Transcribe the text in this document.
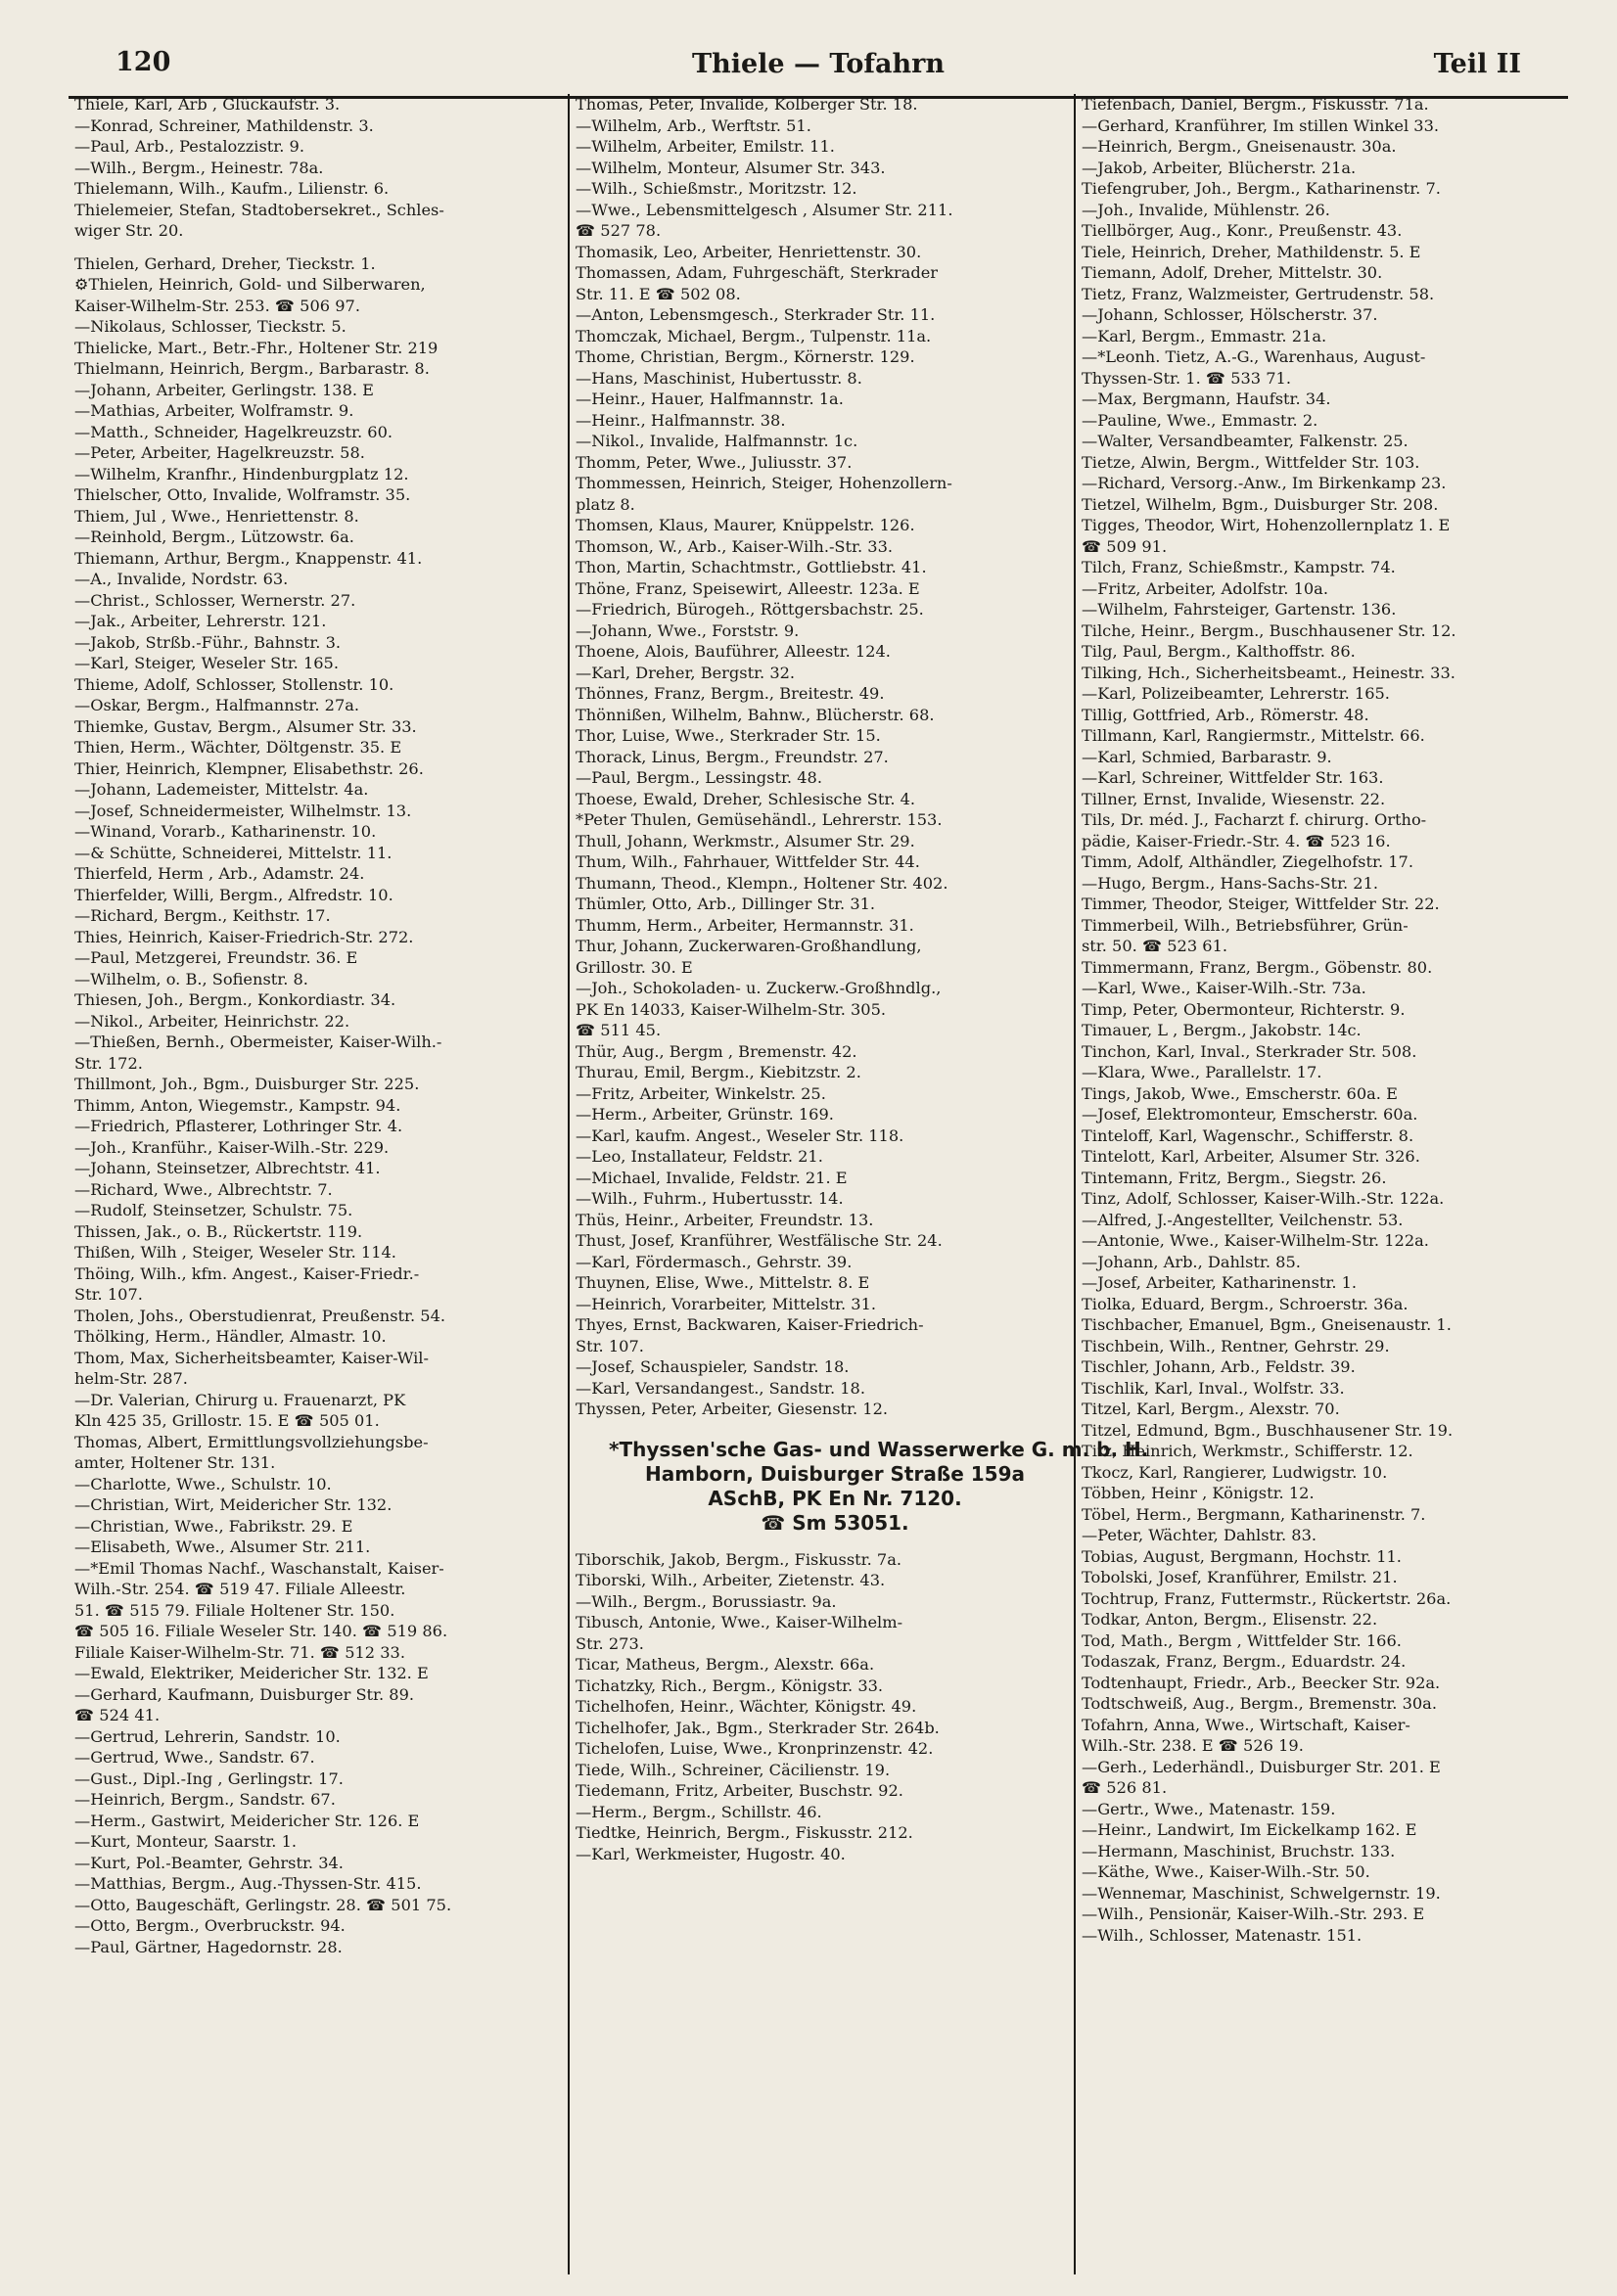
120	Thiele — Tofahrn	Teil II
Thiele, Karl, Arb , Glückaufstr. 3.
—Konrad, Schreiner, Mathildenstr. 3.
—Paul, Arb., Pestalozzistr. 9.
—Wilh., Bergm., Heinestr. 78a.
Thielemann, Wilh., Kaufm., Lilienstr. 6.
Thielemeier, Stefan, Stadtobersekret., Schles-
wiger Str. 20.
Thielen, Gerhard, Dreher, Tieckstr. 1.
⚙Thielen, Heinrich, Gold- und Silberwaren,
Kaiser-Wilhelm-Str. 253. ☎ 506 97.
—Nikolaus, Schlosser, Tieckstr. 5.
Thielicke, Mart., Betr.-Fhr., Holtener Str. 219
Thielmann, Heinrich, Bergm., Barbarastr. 8.
—Johann, Arbeiter, Gerlingstr. 138. E
—Mathias, Arbeiter, Wolframstr. 9.
—Matth., Schneider, Hagelkreuzstr. 60.
—Peter, Arbeiter, Hagelkreuzstr. 58.
—Wilhelm, Kranfhr., Hindenburgplatz 12.
Thielscher, Otto, Invalide, Wolframstr. 35.
Thiem, Jul , Wwe., Henriettenstr. 8.
—Reinhold, Bergm., Lützowstr. 6a.
Thiemann, Arthur, Bergm., Knappenstr. 41.
—A., Invalide, Nordstr. 63.
—Christ., Schlosser, Wernerstr. 27.
—Jak., Arbeiter, Lehrerstr. 121.
—Jakob, Strßb.-Führ., Bahnstr. 3.
—Karl, Steiger, Weseler Str. 165.
Thieme, Adolf, Schlosser, Stollenstr. 10.
—Oskar, Bergm., Halfmannstr. 27a.
Thiemke, Gustav, Bergm., Alsumer Str. 33.
Thien, Herm., Wächter, Döltgenstr. 35. E
Thier, Heinrich, Klempner, Elisabethstr. 26.
—Johann, Lademeister, Mittelstr. 4a.
—Josef, Schneidermeister, Wilhelmstr. 13.
—Winand, Vorarb., Katharinenstr. 10.
—& Schütte, Schneiderei, Mittelstr. 11.
Thierfeld, Herm , Arb., Adamstr. 24.
Thierfelder, Willi, Bergm., Alfredstr. 10.
—Richard, Bergm., Keithstr. 17.
Thies, Heinrich, Kaiser-Friedrich-Str. 272.
—Paul, Metzgerei, Freundstr. 36. E
—Wilhelm, o. B., Sofienstr. 8.
Thiesen, Joh., Bergm., Konkordiastr. 34.
—Nikol., Arbeiter, Heinrichstr. 22.
—Thießen, Bernh., Obermeister, Kaiser-Wilh.-
Str. 172.
Thillmont, Joh., Bgm., Duisburger Str. 225.
Thimm, Anton, Wiegemstr., Kampstr. 94.
—Friedrich, Pflasterer, Lothringer Str. 4.
—Joh., Kranführ., Kaiser-Wilh.-Str. 229.
—Johann, Steinsetzer, Albrechtstr. 41.
—Richard, Wwe., Albrechtstr. 7.
—Rudolf, Steinsetzer, Schulstr. 75.
Thissen, Jak., o. B., Rückertstr. 119.
Thißen, Wilh , Steiger, Weseler Str. 114.
Thöing, Wilh., kfm. Angest., Kaiser-Friedr.-
Str. 107.
Tholen, Johs., Oberstudienrat, Preußenstr. 54.
Thölking, Herm., Händler, Almastr. 10.
Thom, Max, Sicherheitsbeamter, Kaiser-Wil-
helm-Str. 287.
—Dr. Valerian, Chirurg u. Frauenarzt, PK
Kln 425 35, Grillostr. 15. E ☎ 505 01.
Thomas, Albert, Ermittlungsvollziehungsbe-
amter, Holtener Str. 131.
—Charlotte, Wwe., Schulstr. 10.
—Christian, Wirt, Meidericher Str. 132.
—Christian, Wwe., Fabrikstr. 29. E
—Elisabeth, Wwe., Alsumer Str. 211.
—*Emil Thomas Nachf., Waschanstalt, Kaiser-
Wilh.-Str. 254. ☎ 519 47. Filiale Alleestr.
51. ☎ 515 79. Filiale Holtener Str. 150.
☎ 505 16. Filiale Weseler Str. 140. ☎ 519 86.
Filiale Kaiser-Wilhelm-Str. 71. ☎ 512 33.
—Ewald, Elektriker, Meidericher Str. 132. E
—Gerhard, Kaufmann, Duisburger Str. 89.
☎ 524 41.
—Gertrud, Lehrerin, Sandstr. 10.
—Gertrud, Wwe., Sandstr. 67.
—Gust., Dipl.-Ing , Gerlingstr. 17.
—Heinrich, Bergm., Sandstr. 67.
—Herm., Gastwirt, Meidericher Str. 126. E
—Kurt, Monteur, Saarstr. 1.
—Kurt, Pol.-Beamter, Gehrstr. 34.
—Matthias, Bergm., Aug.-Thyssen-Str. 415.
—Otto, Baugeschäft, Gerlingstr. 28. ☎ 501 75.
—Otto, Bergm., Overbruckstr. 94.
—Paul, Gärtner, Hagedornstr. 28.
Thomas, Peter, Invalide, Kolberger Str. 18.
—Wilhelm, Arb., Werftstr. 51.
—Wilhelm, Arbeiter, Emilstr. 11.
—Wilhelm, Monteur, Alsumer Str. 343.
—Wilh., Schießmstr., Moritzstr. 12.
—Wwe., Lebensmittelgesch , Alsumer Str. 211.
☎ 527 78.
Thomasik, Leo, Arbeiter, Henriettenstr. 30.
Thomassen, Adam, Fuhrgeschäft, Sterkrader
Str. 11. E ☎ 502 08.
—Anton, Lebensmgesch., Sterkrader Str. 11.
Thomczak, Michael, Bergm., Tulpenstr. 11a.
Thome, Christian, Bergm., Körnerstr. 129.
—Hans, Maschinist, Hubertusstr. 8.
—Heinr., Hauer, Halfmannstr. 1a.
—Heinr., Halfmannstr. 38.
—Nikol., Invalide, Halfmannstr. 1c.
Thomm, Peter, Wwe., Juliusstr. 37.
Thommessen, Heinrich, Steiger, Hohenzollern-
platz 8.
Thomsen, Klaus, Maurer, Knüppelstr. 126.
Thomson, W., Arb., Kaiser-Wilh.-Str. 33.
Thon, Martin, Schachtmstr., Gottliebstr. 41.
Thöne, Franz, Speisewirt, Alleestr. 123a. E
—Friedrich, Bürogeh., Röttgersbachstr. 25.
—Johann, Wwe., Forststr. 9.
Thoene, Alois, Bauführer, Alleestr. 124.
—Karl, Dreher, Bergstr. 32.
Thönnes, Franz, Bergm., Breitestr. 49.
Thönnißen, Wilhelm, Bahnw., Blücherstr. 68.
Thor, Luise, Wwe., Sterkrader Str. 15.
Thorack, Linus, Bergm., Freundstr. 27.
—Paul, Bergm., Lessingstr. 48.
Thoese, Ewald, Dreher, Schlesische Str. 4.
*Peter Thulen, Gemüsehändl., Lehrerstr. 153.
Thull, Johann, Werkmstr., Alsumer Str. 29.
Thum, Wilh., Fahrhauer, Wittfelder Str. 44.
Thumann, Theod., Klempn., Holtener Str. 402.
Thümler, Otto, Arb., Dillinger Str. 31.
Thumm, Herm., Arbeiter, Hermannstr. 31.
Thur, Johann, Zuckerwaren-Großhandlung,
Grillostr. 30. E
—Joh., Schokoladen- u. Zuckerw.-Großhndlg.,
PK En 14033, Kaiser-Wilhelm-Str. 305.
☎ 511 45.
Thür, Aug., Bergm , Bremenstr. 42.
Thurau, Emil, Bergm., Kiebitzstr. 2.
—Fritz, Arbeiter, Winkelstr. 25.
—Herm., Arbeiter, Grünstr. 169.
—Karl, kaufm. Angest., Weseler Str. 118.
—Leo, Installateur, Feldstr. 21.
—Michael, Invalide, Feldstr. 21. E
—Wilh., Fuhrm., Hubertusstr. 14.
Thüs, Heinr., Arbeiter, Freundstr. 13.
Thust, Josef, Kranführer, Westfälische Str. 24.
—Karl, Fördermasch., Gehrstr. 39.
Thuynen, Elise, Wwe., Mittelstr. 8. E
—Heinrich, Vorarbeiter, Mittelstr. 31.
Thyes, Ernst, Backwaren, Kaiser-Friedrich-
Str. 107.
—Josef, Schauspieler, Sandstr. 18.
—Karl, Versandangest., Sandstr. 18.
Thyssen, Peter, Arbeiter, Giesenstr. 12.
*Thyssen'sche Gas- und Wasserwerke G. m. b. H.
Hamborn, Duisburger Straße 159a
ASchB, PK En Nr. 7120.
☎ Sm 53051.
Tiborschik, Jakob, Bergm., Fiskusstr. 7a.
Tiborski, Wilh., Arbeiter, Zietenstr. 43.
—Wilh., Bergm., Borussiastr. 9a.
Tibusch, Antonie, Wwe., Kaiser-Wilhelm-
Str. 273.
Ticar, Matheus, Bergm., Alexstr. 66a.
Tichatzky, Rich., Bergm., Königstr. 33.
Tichelhofen, Heinr., Wächter, Königstr. 49.
Tichelhofer, Jak., Bgm., Sterkrader Str. 264b.
Tichelofen, Luise, Wwe., Kronprinzenstr. 42.
Tiede, Wilh., Schreiner, Cäcilienstr. 19.
Tiedemann, Fritz, Arbeiter, Buschstr. 92.
—Herm., Bergm., Schillstr. 46.
Tiedtke, Heinrich, Bergm., Fiskusstr. 212.
—Karl, Werkmeister, Hugostr. 40.
Tiefenbach, Daniel, Bergm., Fiskusstr. 71a.
—Gerhard, Kranführer, Im stillen Winkel 33.
—Heinrich, Bergm., Gneisenaustr. 30a.
—Jakob, Arbeiter, Blücherstr. 21a.
Tiefengruber, Joh., Bergm., Katharinenstr. 7.
—Joh., Invalide, Mühlenstr. 26.
Tiellbörger, Aug., Konr., Preußenstr. 43.
Tiele, Heinrich, Dreher, Mathildenstr. 5. E
Tiemann, Adolf, Dreher, Mittelstr. 30.
Tietz, Franz, Walzmeister, Gertrudenstr. 58.
—Johann, Schlosser, Hölscherstr. 37.
—Karl, Bergm., Emmastr. 21a.
—*Leonh. Tietz, A.-G., Warenhaus, August-
Thyssen-Str. 1. ☎ 533 71.
—Max, Bergmann, Haufstr. 34.
—Pauline, Wwe., Emmastr. 2.
—Walter, Versandbeamter, Falkenstr. 25.
Tietze, Alwin, Bergm., Wittfelder Str. 103.
—Richard, Versorg.-Anw., Im Birkenkamp 23.
Tietzel, Wilhelm, Bgm., Duisburger Str. 208.
Tigges, Theodor, Wirt, Hohenzollernplatz 1. E
☎ 509 91.
Tilch, Franz, Schießmstr., Kampstr. 74.
—Fritz, Arbeiter, Adolfstr. 10a.
—Wilhelm, Fahrsteiger, Gartenstr. 136.
Tilche, Heinr., Bergm., Buschhausener Str. 12.
Tilg, Paul, Bergm., Kalthoffstr. 86.
Tilking, Hch., Sicherheitsbeamt., Heinestr. 33.
—Karl, Polizeibeamter, Lehrerstr. 165.
Tillig, Gottfried, Arb., Römerstr. 48.
Tillmann, Karl, Rangiermstr., Mittelstr. 66.
—Karl, Schmied, Barbarastr. 9.
—Karl, Schreiner, Wittfelder Str. 163.
Tillner, Ernst, Invalide, Wiesenstr. 22.
Tils, Dr. méd. J., Facharzt f. chirurg. Ortho-
pädie, Kaiser-Friedr.-Str. 4. ☎ 523 16.
Timm, Adolf, Althändler, Ziegelhofstr. 17.
—Hugo, Bergm., Hans-Sachs-Str. 21.
Timmer, Theodor, Steiger, Wittfelder Str. 22.
Timmerbeil, Wilh., Betriebsführer, Grün-
str. 50. ☎ 523 61.
Timmermann, Franz, Bergm., Göbenstr. 80.
—Karl, Wwe., Kaiser-Wilh.-Str. 73a.
Timp, Peter, Obermonteur, Richterstr. 9.
Timauer, L , Bergm., Jakobstr. 14c.
Tinchon, Karl, Inval., Sterkrader Str. 508.
—Klara, Wwe., Parallelstr. 17.
Tings, Jakob, Wwe., Emscherstr. 60a. E
—Josef, Elektromonteur, Emscherstr. 60a.
Tinteloff, Karl, Wagenschr., Schifferstr. 8.
Tintelott, Karl, Arbeiter, Alsumer Str. 326.
Tintemann, Fritz, Bergm., Siegstr. 26.
Tinz, Adolf, Schlosser, Kaiser-Wilh.-Str. 122a.
—Alfred, J.-Angestellter, Veilchenstr. 53.
—Antonie, Wwe., Kaiser-Wilhelm-Str. 122a.
—Johann, Arb., Dahlstr. 85.
—Josef, Arbeiter, Katharinenstr. 1.
Tiolka, Eduard, Bergm., Schroerstr. 36a.
Tischbacher, Emanuel, Bgm., Gneisenaustr. 1.
Tischbein, Wilh., Rentner, Gehrstr. 29.
Tischler, Johann, Arb., Feldstr. 39.
Tischlik, Karl, Inval., Wolfstr. 33.
Titzel, Karl, Bergm., Alexstr. 70.
Titzel, Edmund, Bgm., Buschhausener Str. 19.
Titz, Heinrich, Werkmstr., Schifferstr. 12.
Tkocz, Karl, Rangierer, Ludwigstr. 10.
Többen, Heinr , Königstr. 12.
Töbel, Herm., Bergmann, Katharinenstr. 7.
—Peter, Wächter, Dahlstr. 83.
Tobias, August, Bergmann, Hochstr. 11.
Tobolski, Josef, Kranführer, Emilstr. 21.
Tochtrup, Franz, Futtermstr., Rückertstr. 26a.
Todkar, Anton, Bergm., Elisenstr. 22.
Tod, Math., Bergm , Wittfelder Str. 166.
Todaszak, Franz, Bergm., Eduardstr. 24.
Todtenhaupt, Friedr., Arb., Beecker Str. 92a.
Todtschweiß, Aug., Bergm., Bremenstr. 30a.
Tofahrn, Anna, Wwe., Wirtschaft, Kaiser-
Wilh.-Str. 238. E ☎ 526 19.
—Gerh., Lederhändl., Duisburger Str. 201. E
☎ 526 81.
—Gertr., Wwe., Matenastr. 159.
—Heinr., Landwirt, Im Eickelkamp 162. E
—Hermann, Maschinist, Bruchstr. 133.
—Käthe, Wwe., Kaiser-Wilh.-Str. 50.
—Wennemar, Maschinist, Schwelgernstr. 19.
—Wilh., Pensionär, Kaiser-Wilh.-Str. 293. E
—Wilh., Schlosser, Matenastr. 151.
